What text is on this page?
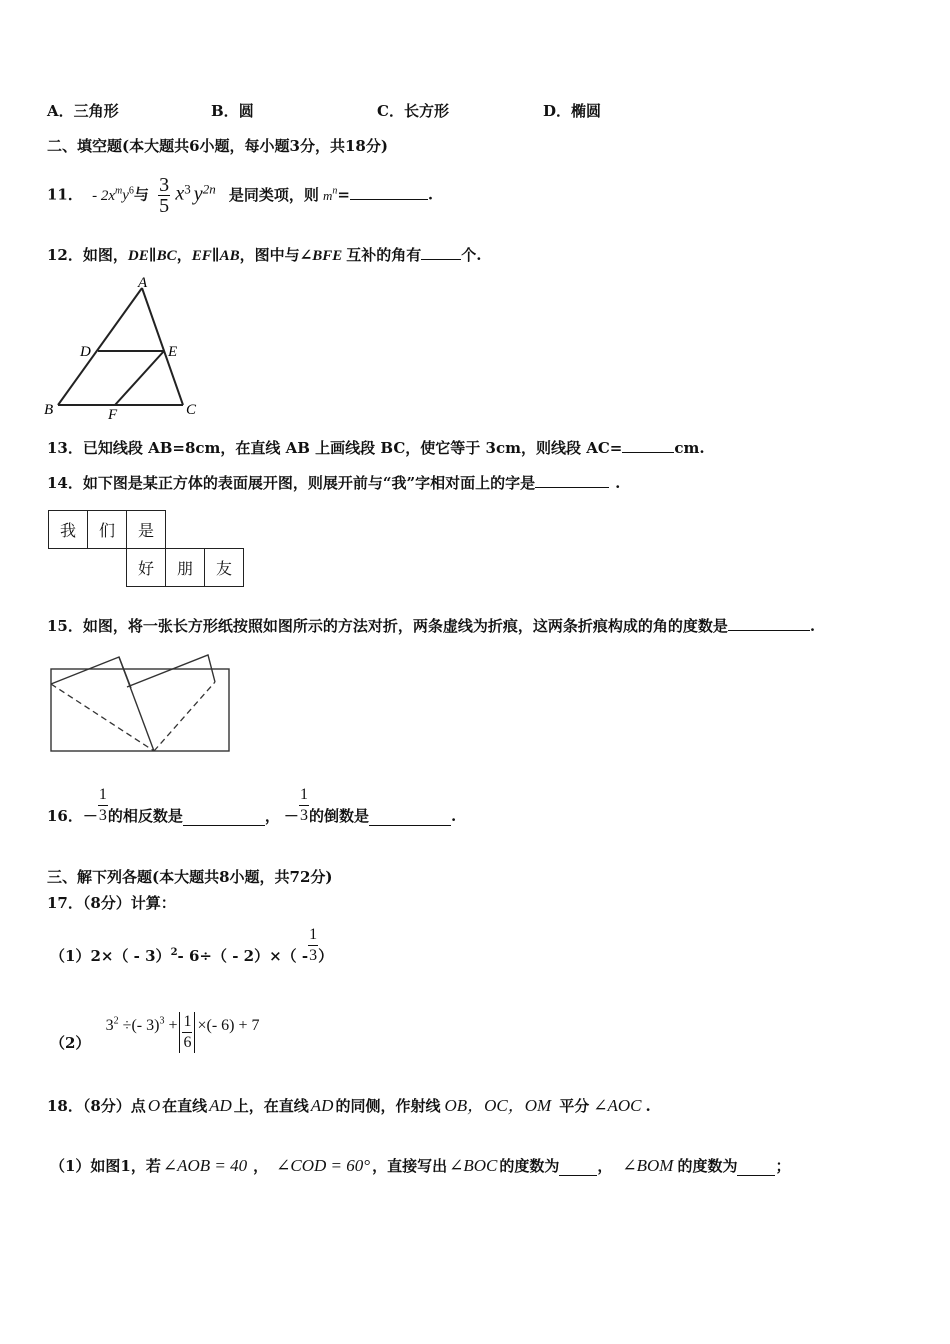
A．三角形	B．圆	C．长方形	D．椭圆
二、填空题(本大题共6小题，每小题3分，共18分)
11． - $2x^my^6$与 $\frac{3}{5} x3$ y2n 是同类项，则 $m^n=$	.
12．如图，DE∥BC，EF∥AB，图中与∠BFE 互补的角有	个.
A
D	E
B	F	C
13．已知线段 AB=8cm，在直线 AB 上画线段 BC，使它等于 3cm，则线段 AC=	cm.
14．如下图是某正方体的表面展开图，则展开前与“我”字相对面上的字是	.
我	们	是		
		好	朋	友
15．如图，将一张长方形纸按照如图所示的方法对折，两条虚线为折痕，这两条折痕构成的角的度数是	.
16．－ $\frac{1}{3}$ 的相反数是	， － $\frac{1}{3}$ 的倒数是	.
三、解下列各题(本大题共8小题，共72分)
17．（8分）计算：
（1）2×（ - 3）$^2$- $6\div( - 2)\times( - \frac{1}{3}$ ）
（2） $3^2$ ÷(- $3)^3 + \frac{1}{6}$ ×(- 6) + 7
18．（8分）点 O 在直线 AD 上，在直线 AD 的同侧，作射线 OB，OC，OM 平分 ∠AOC .
（1）如图1，若 ∠AOB = 40 ， ∠COD = 60° ，直接写出 ∠BOC 的度数为	， ∠BOM 的度数为	；
